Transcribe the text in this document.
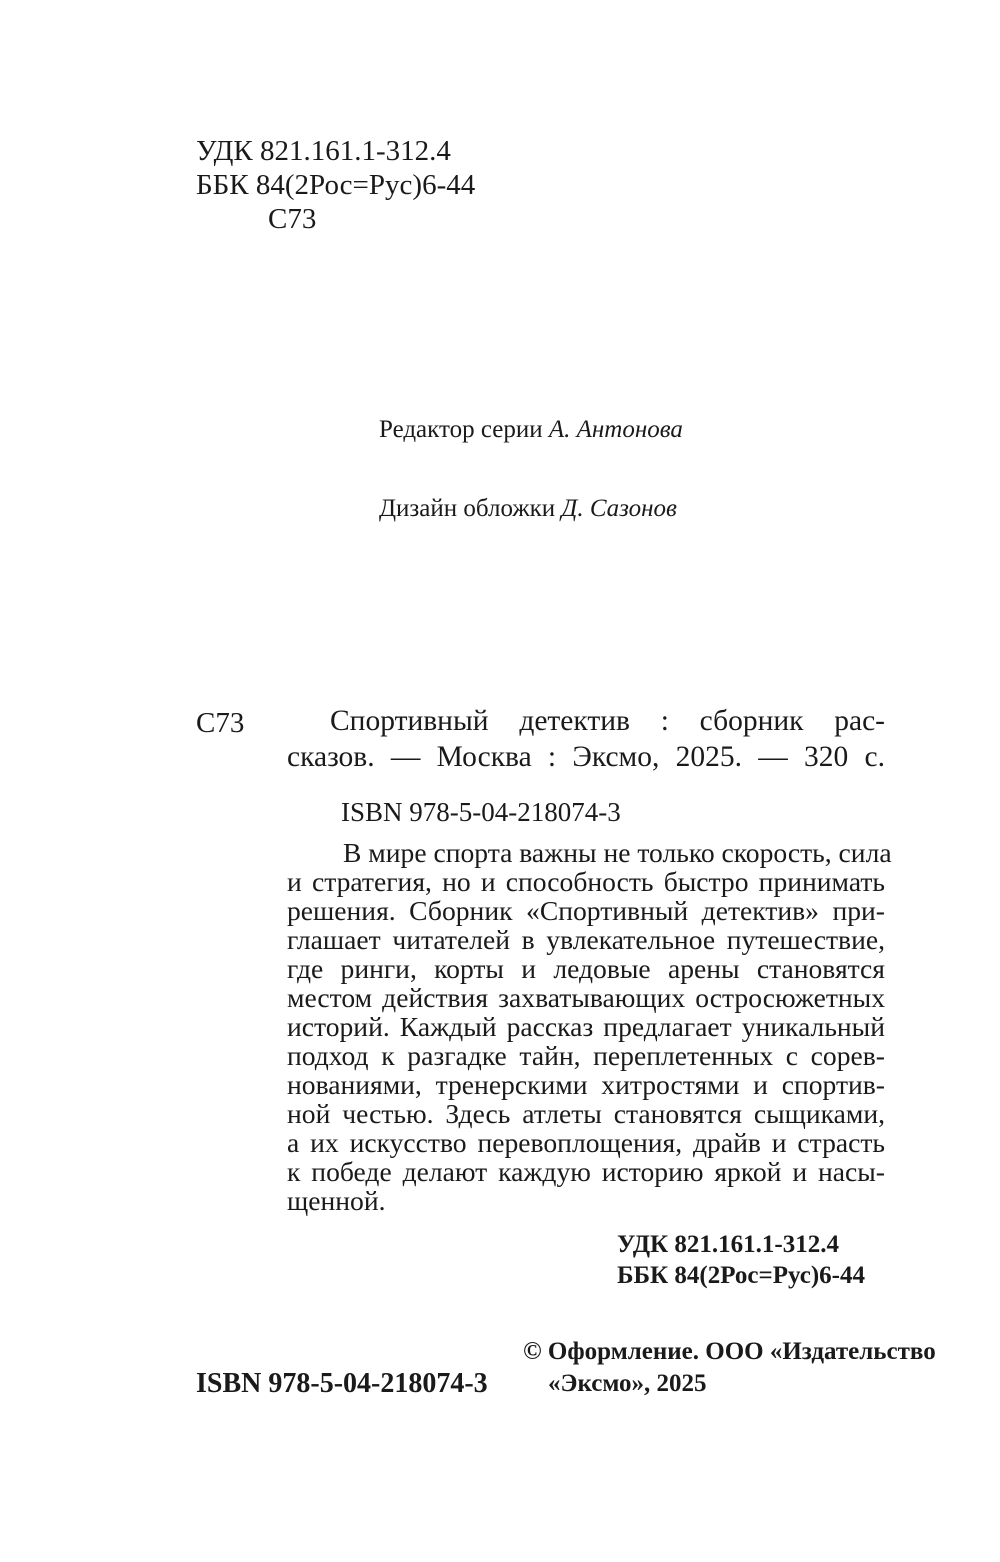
УДК 821.161.1-312.4
ББК 84(2Рос=Рус)6-44
С73
Редактор серии А. Антонова
Дизайн обложки Д. Сазонов
С73	Спортивный детектив : сборник рас-
сказов. — Москва : Эксмо, 2025. — 320 с.
ISBN 978-5-04-218074-3
В мире спорта важны не только скорость, сила
и стратегия, но и способность быстро принимать
решения. Сборник «Спортивный детектив» при-
глашает читателей в увлекательное путешествие,
где ринги, корты и ледовые арены становятся
местом действия захватывающих остросюжетных
историй. Каждый рассказ предлагает уникальный
подход к разгадке тайн, переплетенных с сорев-
нованиями, тренерскими хитростями и спортив-
ной честью. Здесь атлеты становятся сыщиками,
а их искусство перевоплощения, драйв и страсть
к победе делают каждую историю яркой и насы-
щенной.
УДК 821.161.1-312.4
ББК 84(2Рос=Рус)6-44
© Оформление. ООО «Издательство
ISBN 978-5-04-218074-3 «Эксмо», 2025
